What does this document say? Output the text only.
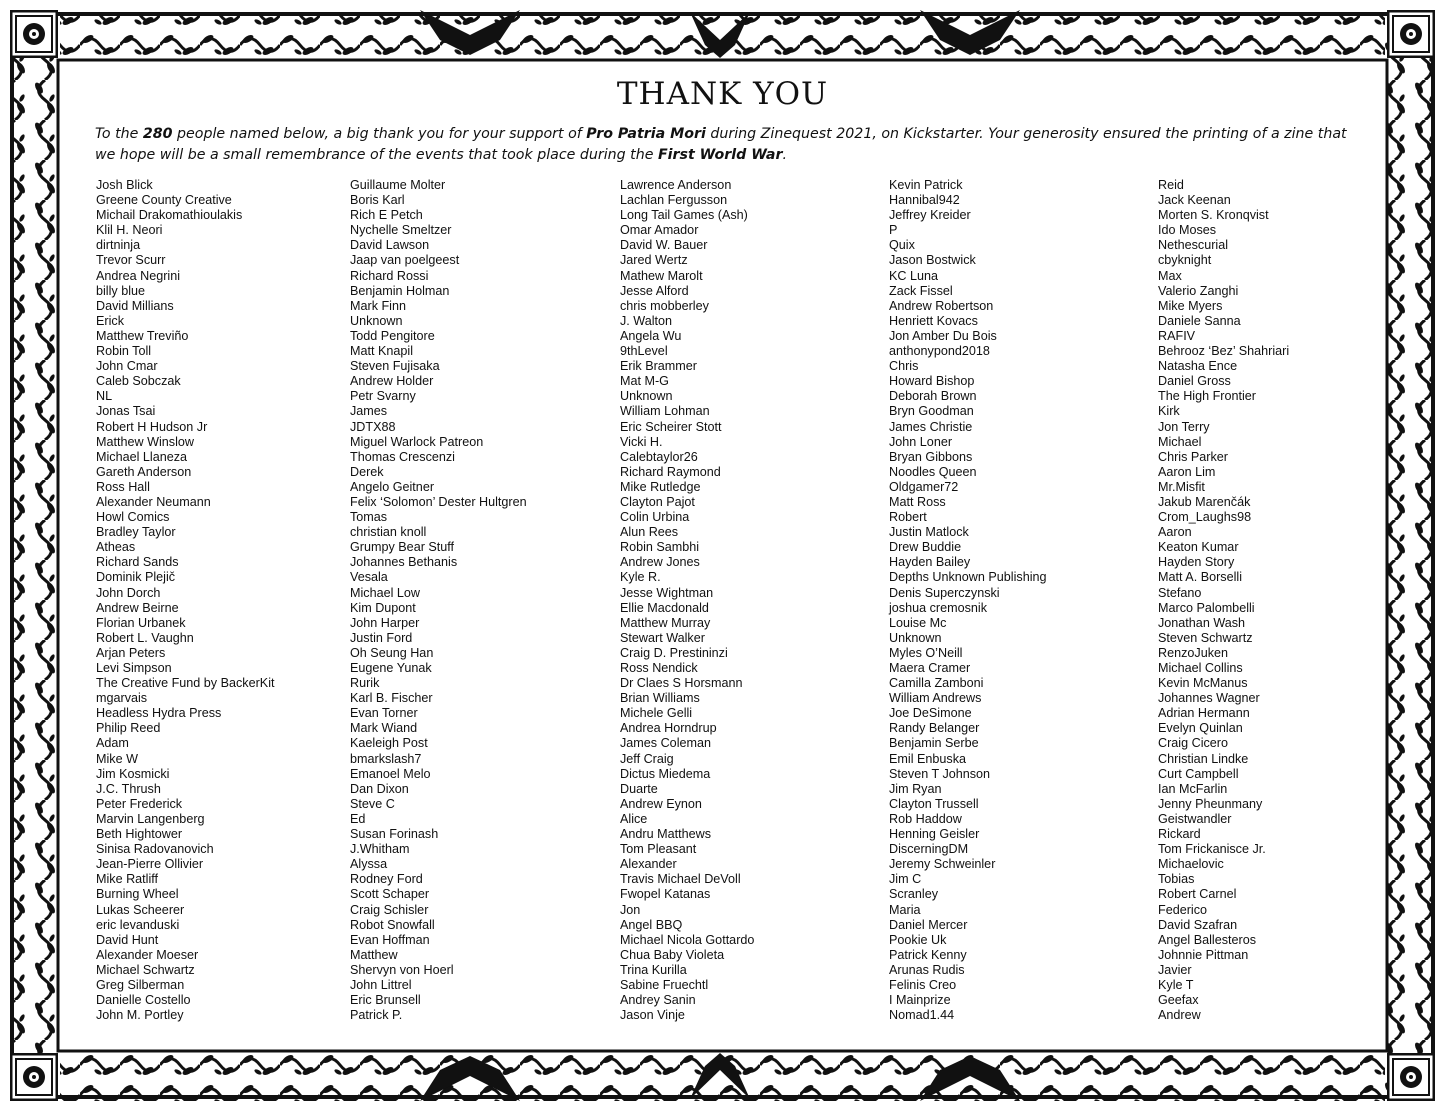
THANK YOU

To the 280 people named below, a big thank you for your support of Pro Patria Mori during Zinequest 2021, on Kickstarter. Your generosity ensured the printing of a zine that we hope will be a small remembrance of the events that took place during the First World War.

Josh Blick
Greene County Creative
Michail Drakomathioulakis
Klil H. Neori
dirtninja
Trevor Scurr
Andrea Negrini
billy blue
David Millians
Erick
Matthew Treviño
Robin Toll
John Cmar
Caleb Sobczak
NL
Jonas Tsai
Robert H Hudson Jr
Matthew Winslow
Michael Llaneza
Gareth Anderson
Ross Hall
Alexander Neumann
Howl Comics
Bradley Taylor
Atheas
Richard Sands
Dominik Plejič
John Dorch
Andrew Beirne
Florian Urbanek
Robert L. Vaughn
Arjan Peters
Levi Simpson
The Creative Fund by BackerKit
mgarvais
Headless Hydra Press
Philip Reed
Adam
Mike W
Jim Kosmicki
J.C. Thrush
Peter Frederick
Marvin Langenberg
Beth Hightower
Sinisa Radovanovich
Jean-Pierre Ollivier
Mike Ratliff
Burning Wheel
Lukas Scheerer
eric levanduski
David Hunt
Alexander Moeser
Michael Schwartz
Greg Silberman
Danielle Costello
John M. Portley
Guillaume Molter
Boris Karl
Rich E Petch
Nychelle Smeltzer
David Lawson
Jaap van poelgeest
Richard Rossi
Benjamin Holman
Mark Finn
Unknown
Todd Pengitore
Matt Knapil
Steven Fujisaka
Andrew Holder
Petr Svarny
James
JDTX88
Miguel Warlock Patreon
Thomas Crescenzi
Derek
Angelo Geitner
Felix ‘Solomon’ Dester Hultgren
Tomas
christian knoll
Grumpy Bear Stuff
Johannes Bethanis
Vesala
Michael Low
Kim Dupont
John Harper
Justin Ford
Oh Seung Han
Eugene Yunak
Rurik
Karl B. Fischer
Evan Torner
Mark Wiand
Kaeleigh Post
bmarkslash7
Emanoel Melo
Dan Dixon
Steve C
Ed
Susan Forinash
J.Whitham
Alyssa
Rodney Ford
Scott Schaper
Craig Schisler
Robot Snowfall
Evan Hoffman
Matthew
Shervyn von Hoerl
John Littrel
Eric Brunsell
Patrick P.
Lawrence Anderson
Lachlan Fergusson
Long Tail Games (Ash)
Omar Amador
David W. Bauer
Jared Wertz
Mathew Marolt
Jesse Alford
chris mobberley
J. Walton
Angela Wu
9thLevel
Erik Brammer
Mat M-G
Unknown
William Lohman
Eric Scheirer Stott
Vicki H.
Calebtaylor26
Richard Raymond
Mike Rutledge
Clayton Pajot
Colin Urbina
Alun Rees
Robin Sambhi
Andrew Jones
Kyle R.
Jesse Wightman
Ellie Macdonald
Matthew Murray
Stewart Walker
Craig D. Prestininzi
Ross Nendick
Dr Claes S Horsmann
Brian Williams
Michele Gelli
Andrea Horndrup
James Coleman
Jeff Craig
Dictus Miedema
Duarte
Andrew Eynon
Alice
Andru Matthews
Tom Pleasant
Alexander
Travis Michael DeVoll
Fwopel Katanas
Jon
Angel BBQ
Michael Nicola Gottardo
Chua Baby Violeta
Trina Kurilla
Sabine Fruechtl
Andrey Sanin
Jason Vinje
Kevin Patrick
Hannibal942
Jeffrey Kreider
P
Quix
Jason Bostwick
KC Luna
Zack Fissel
Andrew Robertson
Henriett Kovacs
Jon Amber Du Bois
anthonypond2018
Chris
Howard Bishop
Deborah Brown
Bryn Goodman
James Christie
John Loner
Bryan Gibbons
Noodles Queen
Oldgamer72
Matt Ross
Robert
Justin Matlock
Drew Buddie
Hayden Bailey
Depths Unknown Publishing
Denis Superczynski
joshua cremosnik
Louise Mc
Unknown
Myles O’Neill
Maera Cramer
Camilla Zamboni
William Andrews
Joe DeSimone
Randy Belanger
Benjamin Serbe
Emil Enbuska
Steven T Johnson
Jim Ryan
Clayton Trussell
Rob Haddow
Henning Geisler
DiscerningDM
Jeremy Schweinler
Jim C
Scranley
Maria
Daniel Mercer
Pookie Uk
Patrick Kenny
Arunas Rudis
Felinis Creo
I Mainprize
Nomad1.44
Reid
Jack Keenan
Morten S. Kronqvist
Ido Moses
Nethescurial
cbyknight
Max
Valerio Zanghi
Mike Myers
Daniele Sanna
RAFIV
Behrooz ‘Bez’ Shahriari
Natasha Ence
Daniel Gross
The High Frontier
Kirk
Jon Terry
Michael
Chris Parker
Aaron Lim
Mr.Misfit
Jakub Marenčák
Crom_Laughs98
Aaron
Keaton Kumar
Hayden Story
Matt A. Borselli
Stefano
Marco Palombelli
Jonathan Wash
Steven Schwartz
RenzoJuken
Michael Collins
Kevin McManus
Johannes Wagner
Adrian Hermann
Evelyn Quinlan
Craig Cicero
Christian Lindke
Curt Campbell
Ian McFarlin
Jenny Pheunmany
Geistwandler
Rickard
Tom Frickanisce Jr.
Michaelovic
Tobias
Robert Carnel
Federico
David Szafran
Angel Ballesteros
Johnnie Pittman
Javier
Kyle T
Geefax
Andrew
